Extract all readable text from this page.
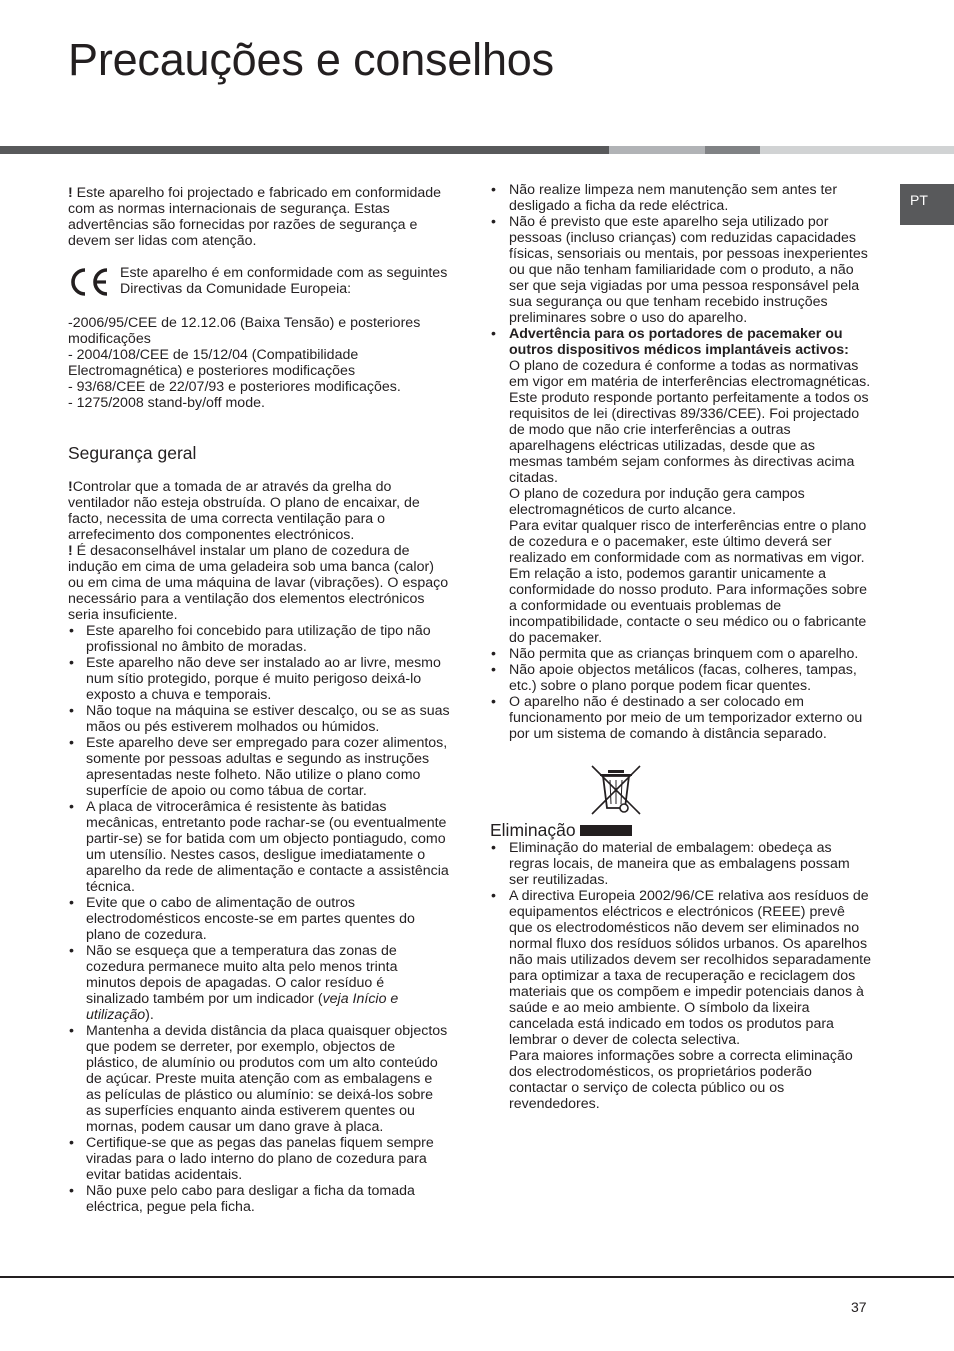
Precauções e conselhos
PT

! Este aparelho foi projectado e fabricado em conformidade com as normas internacionais de segurança. Estas advertências são fornecidas por razões de segurança e devem ser lidas com atenção.

Este aparelho é em conformidade com as seguintes Directivas da Comunidade Europeia:

-2006/95/CEE de 12.12.06 (Baixa Tensão) e posteriores modificações

- 2004/108/CEE de 15/12/04 (Compatibilidade Electromagnética) e posteriores modificações

- 93/68/CEE de 22/07/93 e posteriores modificações.

- 1275/2008 stand-by/off mode.

Segurança geral

!Controlar que a tomada de ar através da grelha do ventilador não esteja obstruída. O plano de encaixar, de facto, necessita de uma correcta ventilação para o arrefecimento dos componentes electrónicos.

! É desaconselhável instalar um plano de cozedura de indução em cima de uma geladeira sob uma banca (calor) ou em cima de uma máquina de lavar (vibrações). O espaço necessário para a ventilação dos elementos electrónicos seria insuficiente.

• Este aparelho foi concebido para utilização de tipo não profissional no âmbito de moradas.
• Este aparelho não deve ser instalado ao ar livre, mesmo num sítio protegido, porque é muito perigoso deixá-lo exposto a chuva e temporais.
• Não toque na máquina se estiver descalço, ou se as suas mãos ou pés estiverem molhados ou húmidos.
• Este aparelho deve ser empregado para cozer alimentos, somente por pessoas adultas e segundo as instruções apresentadas neste folheto. Não utilize o plano como superfície de apoio ou como tábua de cortar.
• A placa de vitrocerâmica é resistente às batidas mecânicas, entretanto pode rachar-se (ou eventualmente partir-se) se for batida com um objecto pontiagudo, como um utensílio. Nestes casos, desligue imediatamente o aparelho da rede de alimentação e contacte a assistência técnica.
• Evite que o cabo de alimentação de outros electrodomésticos encoste-se em partes quentes do plano de cozedura.
• Não se esqueça que a temperatura das zonas de cozedura permanece muito alta pelo menos trinta minutos depois de apagadas. O calor resíduo é sinalizado também por um indicador (veja Início e utilização).
• Mantenha a devida distância da placa quaisquer objectos que podem se derreter, por exemplo, objectos de plástico, de alumínio ou produtos com um alto conteúdo de açúcar. Preste muita atenção com as embalagens e as películas de plástico ou alumínio: se deixá-los sobre as superfícies enquanto ainda estiverem quentes ou mornas, podem causar um dano grave à placa.
• Certifique-se que as pegas das panelas fiquem sempre viradas para o lado interno do plano de cozedura para evitar batidas acidentais.
• Não puxe pelo cabo para desligar a ficha da tomada eléctrica, pegue pela ficha.
• Não realize limpeza nem manutenção sem antes ter desligado a ficha da rede eléctrica.
• Não é previsto que este aparelho seja utilizado por pessoas (incluso crianças) com reduzidas capacidades físicas, sensoriais ou mentais, por pessoas inexperientes ou que não tenham familiaridade com o produto, a não ser que seja vigiadas por uma pessoa responsável pela sua segurança ou que tenham recebido instruções preliminares sobre o uso do aparelho.
• Advertência para os portadores de pacemaker ou outros dispositivos médicos implantáveis activos:
O plano de cozedura é conforme a todas as normativas em vigor em matéria de interferências electromagnéticas.
Este produto responde portanto perfeitamente a todos os requisitos de lei (directivas 89/336/CEE). Foi projectado de modo que não crie interferências a outras aparelhagens eléctricas utilizadas, desde que as mesmas também sejam conformes às directivas acima citadas.
O plano de cozedura por indução gera campos electromagnéticos de curto alcance.
Para evitar qualquer risco de interferências entre o plano de cozedura e o pacemaker, este último deverá ser realizado em conformidade com as normativas em vigor.
Em relação a isto, podemos garantir unicamente a conformidade do nosso produto. Para informações sobre a conformidade ou eventuais problemas de incompatibilidade, contacte o seu médico ou o fabricante do pacemaker.
• Não permita que as crianças brinquem com o aparelho.
• Não apoie objectos metálicos (facas, colheres, tampas, etc.) sobre o plano porque podem ficar quentes.
• O aparelho não é destinado a ser colocado em funcionamento por meio de um temporizador externo ou por um sistema de comando à distância separado.
Eliminação
• Eliminação do material de embalagem: obedeça as regras locais, de maneira que as embalagens possam ser reutilizadas.
• A directiva Europeia 2002/96/CE relativa aos resíduos de equipamentos eléctricos e electrónicos (REEE) prevê que os electrodomésticos não devem ser eliminados no normal fluxo dos resíduos sólidos urbanos. Os aparelhos não mais utilizados devem ser recolhidos separadamente para optimizar a taxa de recuperação e reciclagem dos materiais que os compõem e impedir potenciais danos à saúde e ao meio ambiente. O símbolo da lixeira cancelada está indicado em todos os produtos para lembrar o dever de colecta selectiva.
Para maiores informações sobre a correcta eliminação dos electrodomésticos, os proprietários poderão contactar o serviço de colecta público ou os revendedores.
37
